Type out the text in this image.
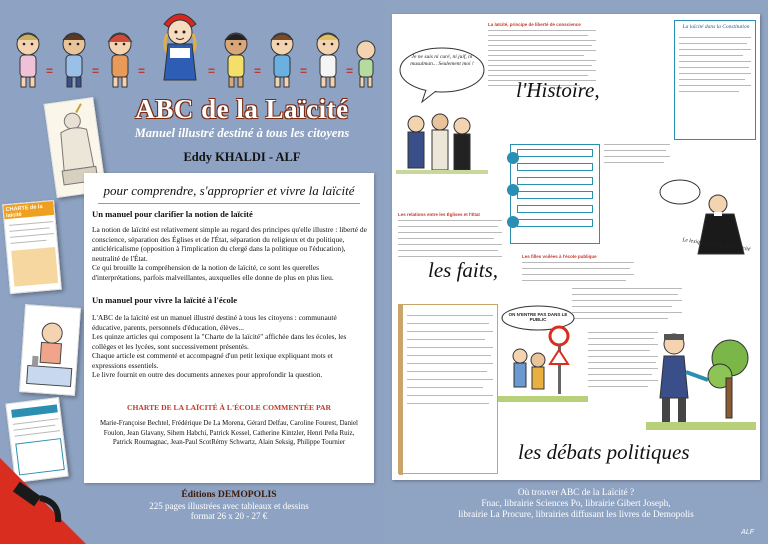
=	=	=	=	=	=	=
ABC de la Laïcité
Manuel illustré destiné à tous les citoyens
Eddy KHALDI - ALF
CHARTE de la laïcité
pour comprendre, s'approprier et vivre la laïcité
Un manuel pour clarifier la notion de laïcité
La notion de laïcité est relativement simple au regard des principes qu'elle illustre : liberté de conscience, séparation des Églises et de l'État, séparation du religieux et du politique, anticléricalisme (opposition à l'implication du clergé dans la politique ou l'éducation), neutralité de l'État.
Ce qui brouille la compréhension de la notion de laïcité, ce sont les querelles d'interprétations, parfois malveillantes, auxquelles elle donne de plus en plus lieu.
Un manuel pour vivre la laïcité à l'école
L'ABC de la laïcité est un manuel illustré destiné à tous les citoyens : communauté éducative, parents, personnels d'éducation, élèves...
Les quinze articles qui composent la "Charte de la laïcité" affichée dans les écoles, les collèges et les lycées, sont successivement présentés.
Chaque article est commenté et accompagné d'un petit lexique expliquant mots et expressions essentiels.
Le livre fournit en outre des documents annexes pour approfondir la question.
CHARTE DE LA LAÏCITÉ À L'ÉCOLE COMMENTÉE PAR
Marie-Françoise Bechtel, Frédérique De La Morena, Gérard Delfau, Caroline Fourest, Daniel Foulon, Jean Glavany, Sihem Habchi, Patrick Kessel, Catherine Kintzler, Henri Peña Ruiz, Patrick Roumagnac, Jean-Paul ScotRémy Schwartz, Alain Seksig, Philippe Tournier
Éditions DEMOPOLIS
225 pages illustrées avec tableaux et dessins
format 26 x 20 - 27 €
La laïcité, principe de liberté de conscience
Je ne suis ni curé, ni juif, ni musulman... Seulement moi !
La laïcité dans la Constitution
l'Histoire,
Le lexique de l'abc de la laïcité
Les relations entre les Églises et l'État
les faits,
Les filles voilées à l'école publique
ON N'ENTRE PAS DANS LE PUBLIC
les débats politiques
Où trouver ABC de la Laïcité ?
Fnac, librairie Sciences Po, librairie Gibert Joseph,
librairie La Procure, librairies diffusant les livres de Demopolis
ALF
